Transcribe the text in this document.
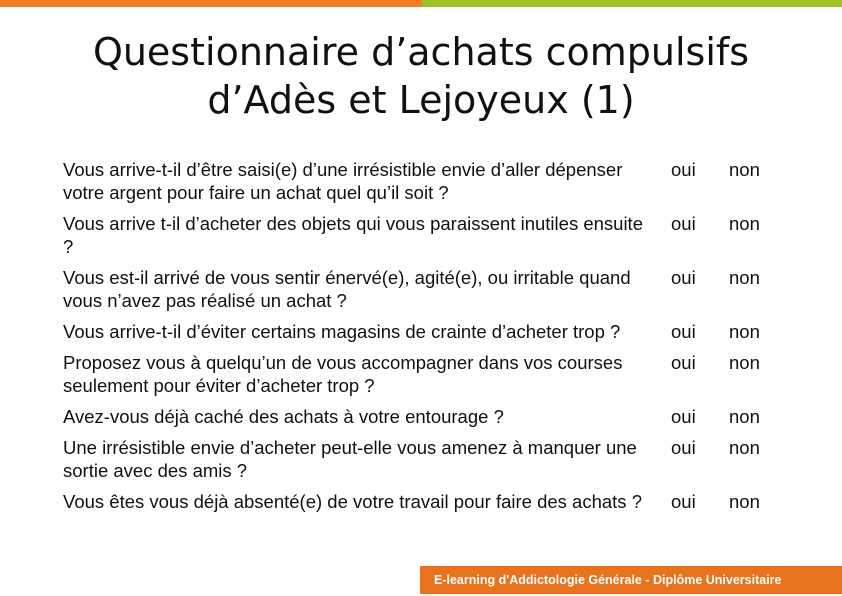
Questionnaire d’achats compulsifs
d’Adès et Lejoyeux (1)
Vous arrive-t-il d’être saisi(e) d’une irrésistible envie d’aller dépenser votre argent pour faire un achat quel qu’il soit ?
oui non
Vous arrive t-il d’acheter des objets qui vous paraissent inutiles ensuite ?
oui non
Vous est-il arrivé de vous sentir énervé(e), agité(e), ou irritable quand vous n’avez pas réalisé un achat ?
oui non
Vous arrive-t-il d’éviter certains magasins de crainte d’acheter trop ?	oui non
Proposez vous à quelqu’un de vous accompagner dans vos courses seulement pour éviter d’acheter trop ?
oui non
Avez-vous déjà caché des achats à votre entourage ?	oui non
Une irrésistible envie d’acheter peut-elle vous amenez à manquer une sortie avec des amis ?
oui non
Vous êtes vous déjà absenté(e) de votre travail pour faire des achats ?	oui non
E-learning d'Addictologie Générale - Diplôme Universitaire
